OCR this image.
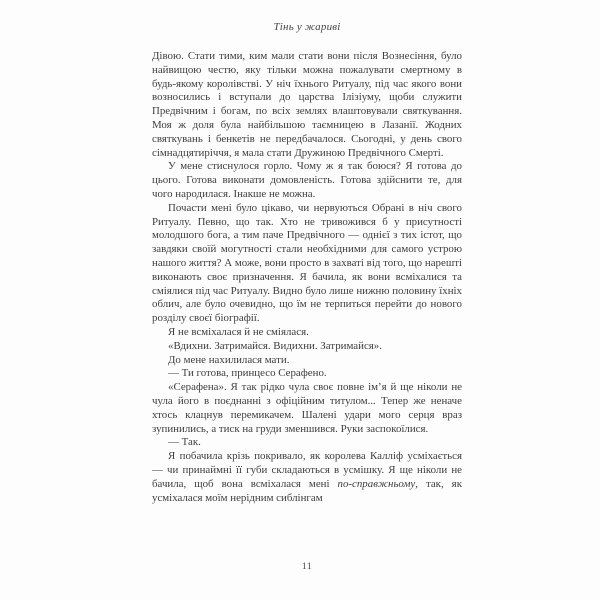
Тінь у жариві

Дівою. Стати тими, ким мали стати вони після Вознесіння, було найвищою честю, яку тільки можна пожалувати смертному в будь-якому королівстві. У ніч їхнього Ритуалу, під час якого вони возносились і вступали до царства Ілізіуму, щоби служити Предвічним і богам, по всіх землях влаштовували святкування. Моя ж доля була найбільшою таємницею в Лазанії. Жодних святкувань і бенкетів не передбачалося. Сьогодні, у день свого сімнадцятиріччя, я мала стати Дружиною Предвічного Смерті.

У мене стиснулося горло. Чому ж я так боюся? Я готова до цього. Готова виконати домовленість. Готова здійснити те, для чого народилася. Інакше не можна.

Почасти мені було цікаво, чи нервуються Обрані в ніч свого Ритуалу. Певно, що так. Хто не тривожився б у присутності молодшого бога, а тим паче Предвічного — однієї з тих істот, що завдяки своїй могутності стали необхідними для самого устрою нашого життя? А може, вони просто в захваті від того, що нарешті виконають своє призначення. Я бачила, як вони всміхалися та сміялися під час Ритуалу. Видно було лише нижню половину їхніх облич, але було очевидно, що їм не терпиться перейти до нового розділу своєї біографії.

Я не всміхалася й не сміялася.

«Вдихни. Затримайся. Видихни. Затримайся».

До мене нахилилася мати.

— Ти готова, принцесо Серафено.

«Серафена». Я так рідко чула своє повне ім’я й ще ніколи не чула його в поєднанні з офіційним титулом... Тепер же неначе хтось клацнув перемикачем. Шалені удари мого серця враз зупинились, а тиск на груди зменшився. Руки заспокоїлися.

— Так.

Я побачила крізь покривало, як королева Калліф усміхається — чи принаймні її губи складаються в усмішку. Я ще ніколи не бачила, щоб вона всміхалася мені по-справжньому, так, як усміхалася моїм нерідним сиблінгам

11
